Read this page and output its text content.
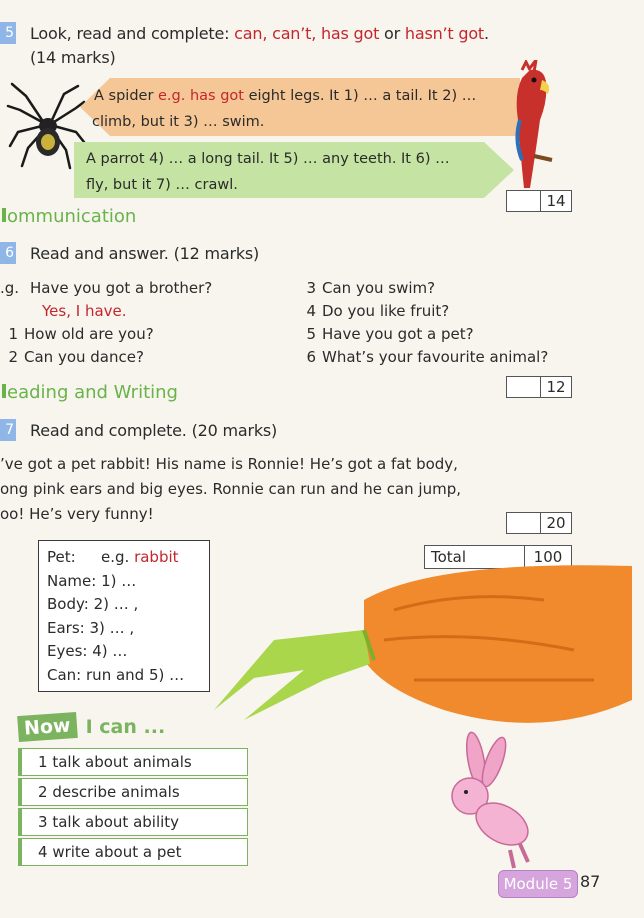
5 Look, read and complete: can, can’t, has got or hasn’t got.
(14 marks)
A spider e.g. has got eight legs. It 1) … a tail. It 2) …
climb, but it 3) … swim.
A parrot 4) … a long tail. It 5) … any teeth. It 6) …
fly, but it 7) … crawl.
14
ommunication
6 Read and answer. (12 marks)
.g. Have you got a brother?
Yes, I have.
1 How old are you?
2 Can you dance?
3 Can you swim?
4 Do you like fruit?
5 Have you got a pet?
6 What’s your favourite animal?
12
eading and Writing
7 Read and complete. (20 marks)
’ve got a pet rabbit! His name is Ronnie! He’s got a fat body,
ong pink ears and big eyes. Ronnie can run and he can jump,
oo! He’s very funny!	20
Pet: e.g. rabbit
Name: 1) …
Body: 2) … ,
Ears: 3) … ,
Eyes: 4) …
Can: run and 5) …
Total	100
Now I can ...
1 talk about animals
2 describe animals
3 talk about ability
4 write about a pet
Module 5 87
